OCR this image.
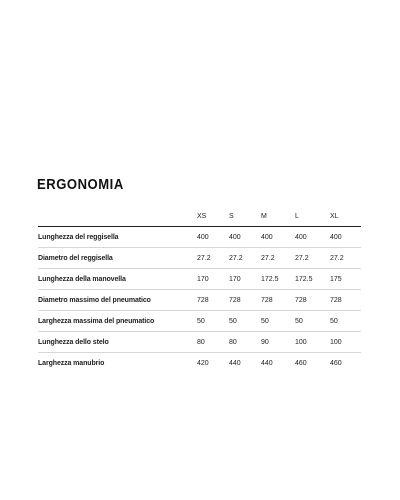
ERGONOMIA
	XS	S	M	L	XL
Lunghezza del reggisella	400	400	400	400	400
Diametro del reggisella	27.2	27.2	27.2	27.2	27.2
Lunghezza della manovella	170	170	172.5	172.5	175
Diametro massimo del pneumatico	728	728	728	728	728
Larghezza massima del pneumatico	50	50	50	50	50
Lunghezza dello stelo	80	80	90	100	100
Larghezza manubrio	420	440	440	460	460
